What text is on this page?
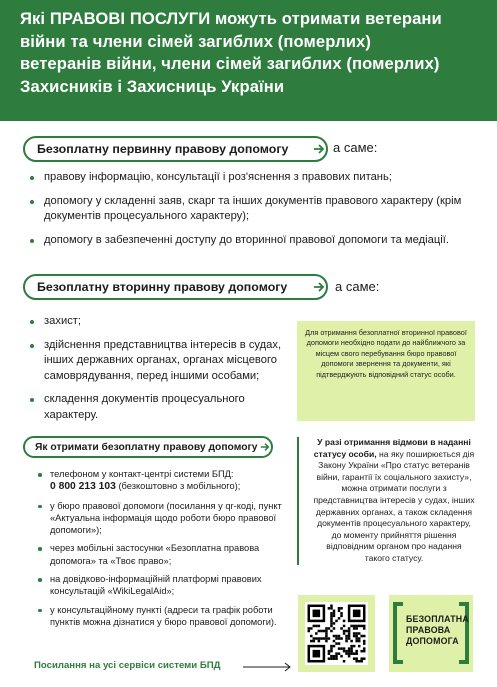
Які ПРАВОВІ ПОСЛУГИ можуть отримати ветерани
війни та члени сімей загиблих (померлих)
ветеранів війни, члени сімей загиблих (померлих)
Захисників і Захисниць України
Безоплатну первинну правову допомогу	а саме:
правову інформацію, консультації і роз'яснення з правових питань;
допомогу у складенні заяв, скарг та інших документів правового характеру (крім документів процесуального характеру);
допомогу в забезпеченні доступу до вторинної правової допомоги та медіації.
Безоплатну вторинну правову допомогу	а саме:
захист;
здійснення представництва інтересів в судах, інших державних органах, органах місцевого самоврядування, перед іншими особами;
складення документів процесуального характеру.
Для отримання безоплатної вторинної правової допомоги необхідно подати до найближчого за місцем свого перебування бюро правової допомоги звернення та документи, які підтверджують відповідний статус особи.
Як отримати безоплатну правову допомогу
телефоном у контакт-центрі системи БПД:
0 800 213 103 (безкоштовно з мобільного);
у бюро правової допомоги (посилання у qr-коді, пункт «Актуальна інформація щодо роботи бюро правової допомоги»);
через мобільні застосунки «Безоплатна правова допомога» та «Твоє право»;
на довідково-інформаційній платформі правових консультацій «WikiLegalAid»;
у консультаційному пункті (адреси та графік роботи пунктів можна дізнатися у бюро правової допомоги).
У разі отримання відмови в наданні статусу особи, на яку поширюється дія Закону України «Про статус ветеранів війни, гарантії їх соціального захисту», можна отримати послуги з представництва інтересів у судах, інших державних органах, а також складення документів процесуального характеру, до моменту прийняття рішення відповідним органом про надання такого статусу.
Посилання на усі сервіси системи БПД
БЕЗОПЛАТНА
ПРАВОВА
ДОПОМОГА
